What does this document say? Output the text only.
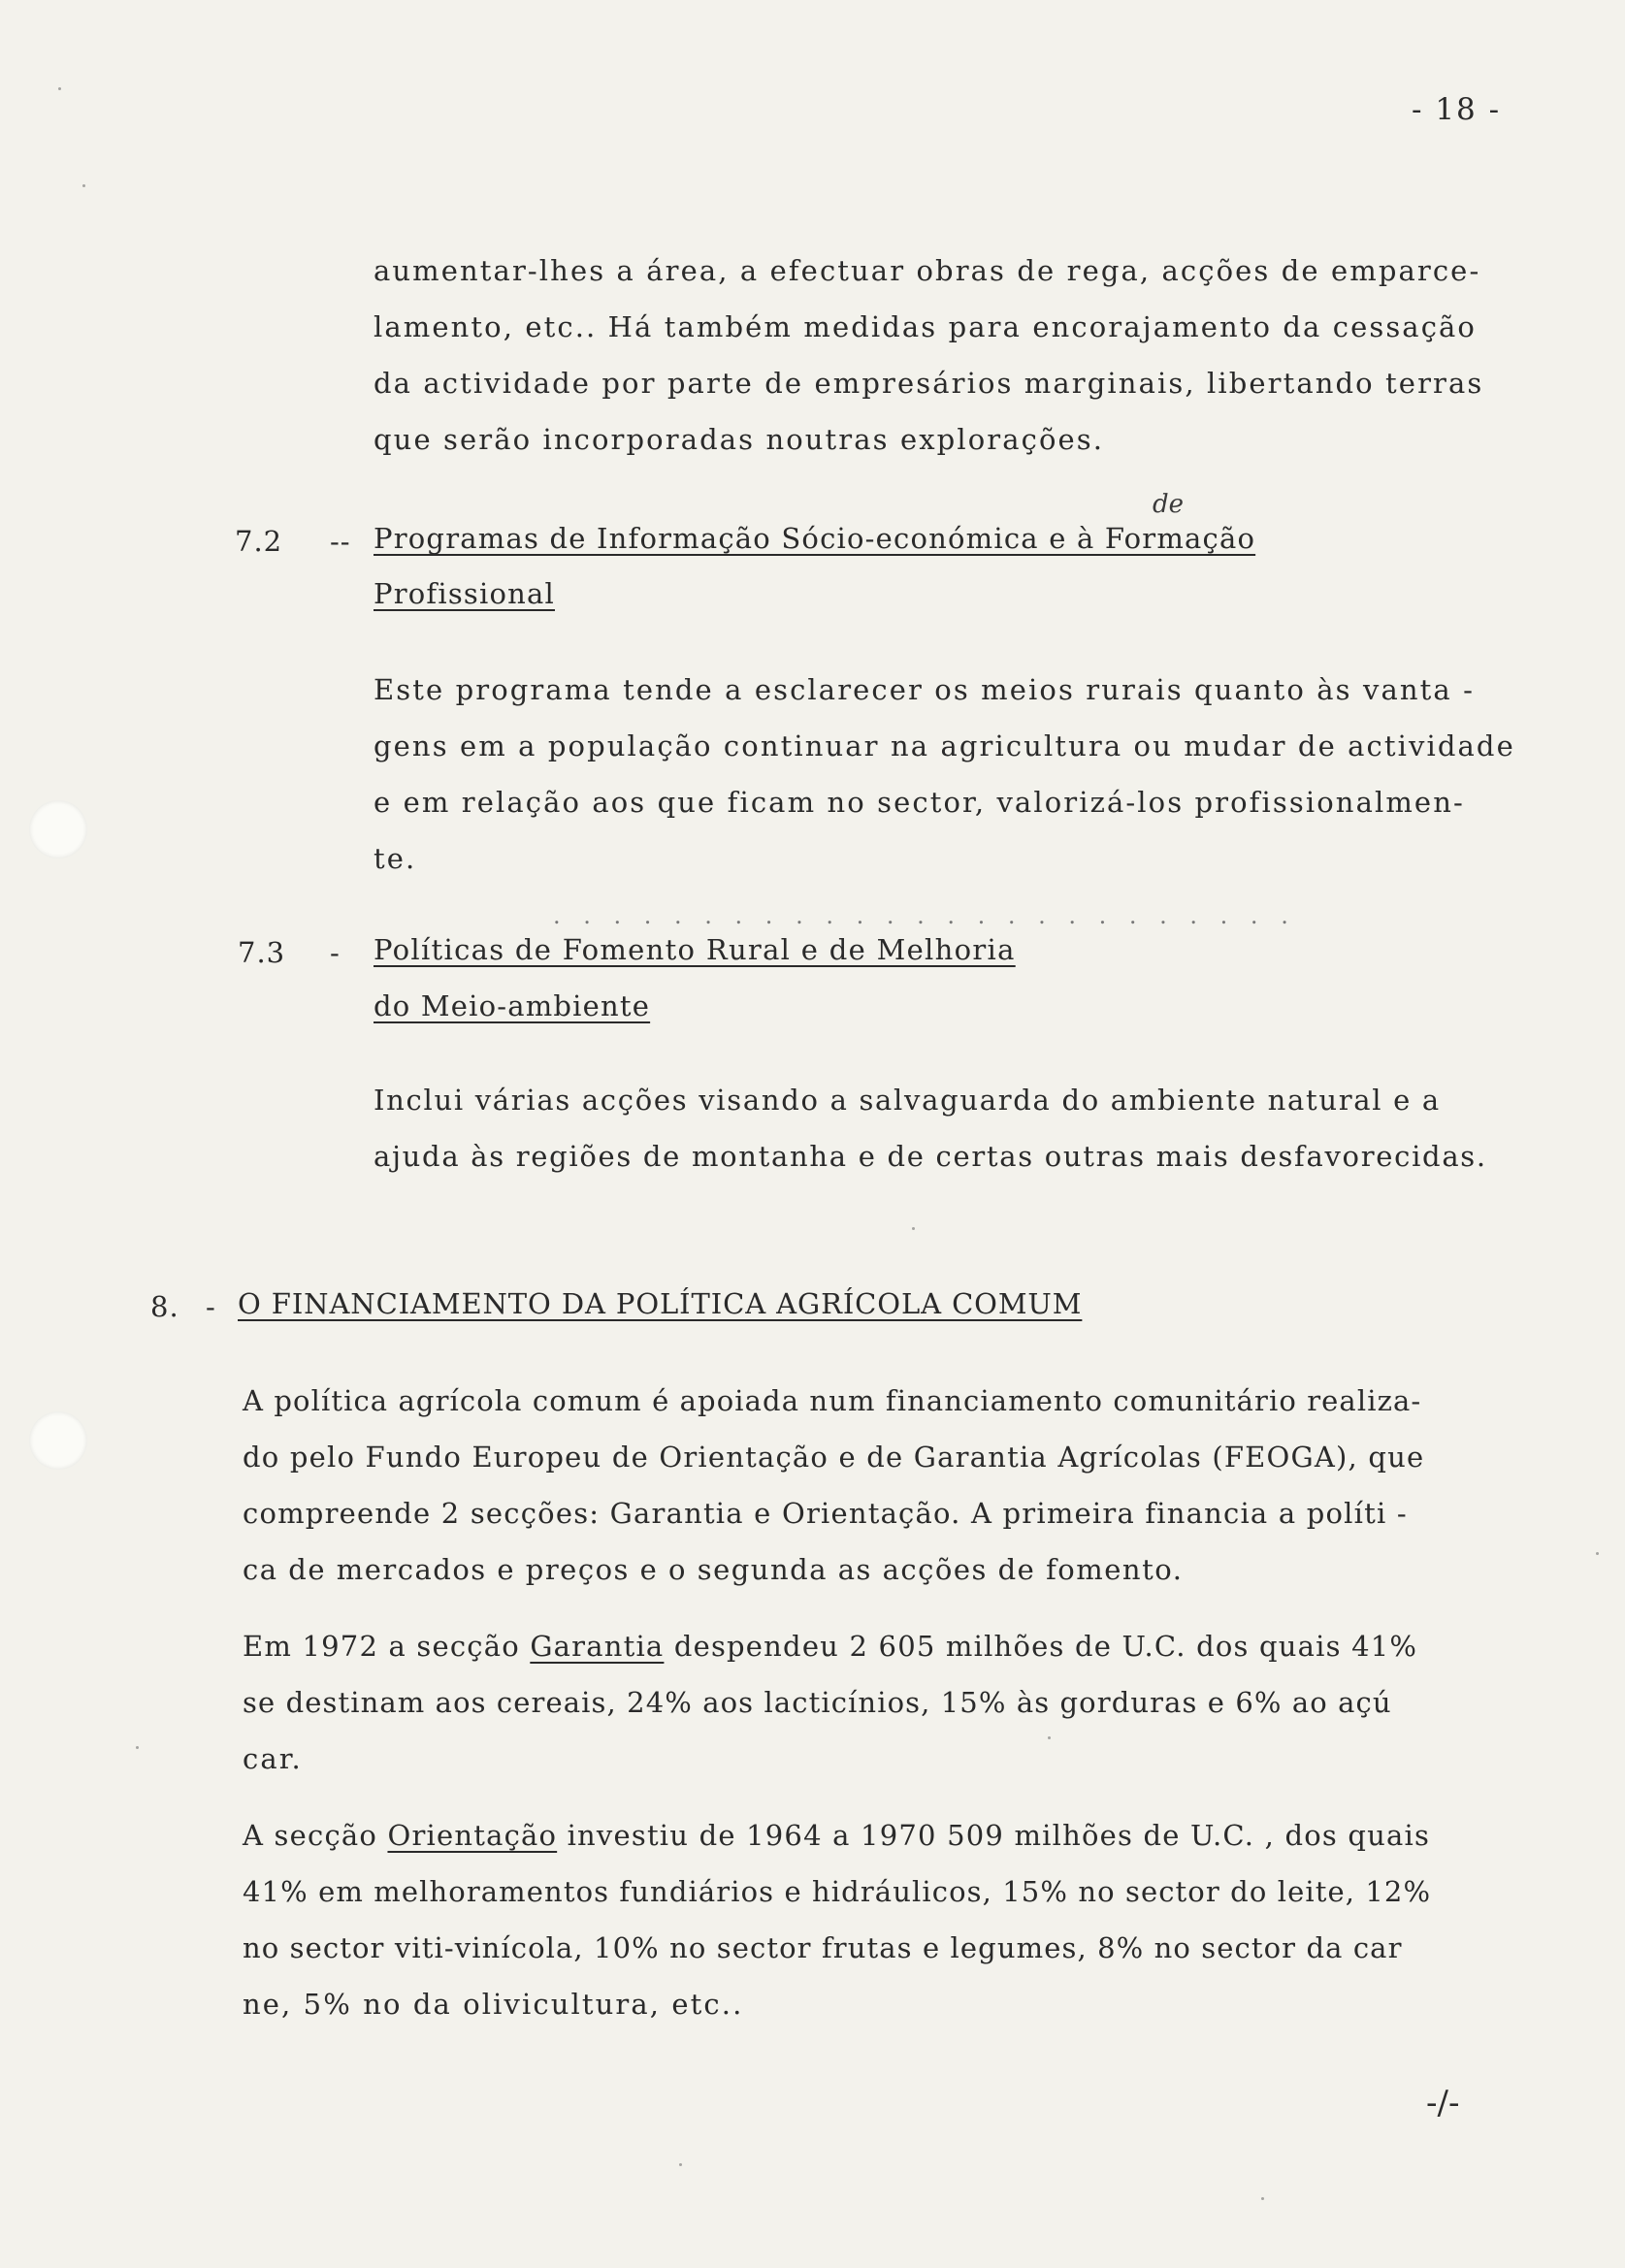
- 18 -
aumentar-lhes a área, a efectuar obras de rega, acções de emparce-
lamento, etc.. Há também medidas para encorajamento da cessação
da actividade por parte de empresários marginais, libertando terras
que serão incorporadas noutras explorações.
7.2 --
de
Programas de Informação Sócio-económica e à Formação
Profissional
Este programa tende a esclarecer os meios rurais quanto às vanta -
gens em a população continuar na agricultura ou mudar de actividade
e em relação aos que ficam no sector, valorizá-los profissionalmen-
te.
. . . . . . . . . . . . . . . . . . . . . . . . .
7.3 - Políticas de Fomento Rural e de Melhoria
do Meio-ambiente
Inclui várias acções visando a salvaguarda do ambiente natural e a
ajuda às regiões de montanha e de certas outras mais desfavorecidas.
8. - O FINANCIAMENTO DA POLÍTICA AGRÍCOLA COMUM
A política agrícola comum é apoiada num financiamento comunitário realiza-
do pelo Fundo Europeu de Orientação e de Garantia Agrícolas (FEOGA), que
compreende 2 secções: Garantia e Orientação. A primeira financia a políti -
ca de mercados e preços e o segunda as acções de fomento.
Em 1972 a secção Garantia despendeu 2 605 milhões de U.C. dos quais 41%
se destinam aos cereais, 24% aos lacticínios, 15% às gorduras e 6% ao açú
car.
A secção Orientação investiu de 1964 a 1970 509 milhões de U.C. , dos quais
41% em melhoramentos fundiários e hidráulicos, 15% no sector do leite, 12%
no sector viti-vinícola, 10% no sector frutas e legumes, 8% no sector da car
ne, 5% no da olivicultura, etc..
-/-
